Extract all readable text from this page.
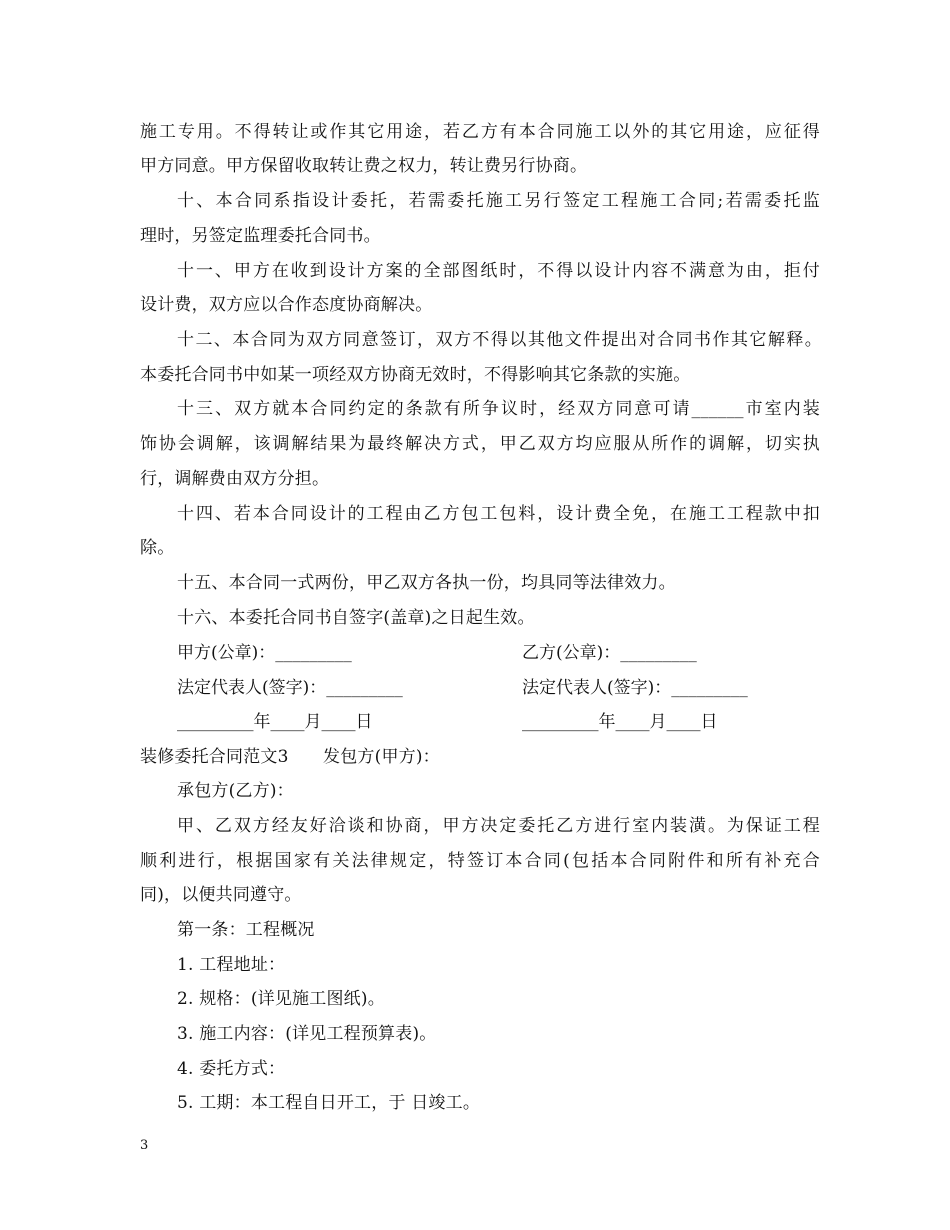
施工专用。不得转让或作其它用途，若乙方有本合同施工以外的其它用途，应征得
甲方同意。甲方保留收取转让费之权力，转让费另行协商。
十、本合同系指设计委托，若需委托施工另行签定工程施工合同;若需委托监
理时，另签定监理委托合同书。
十一、甲方在收到设计方案的全部图纸时，不得以设计内容不满意为由，拒付
设计费，双方应以合作态度协商解决。
十二、本合同为双方同意签订，双方不得以其他文件提出对合同书作其它解释。
本委托合同书中如某一项经双方协商无效时，不得影响其它条款的实施。
十三、双方就本合同约定的条款有所争议时，经双方同意可请______市室内装
饰协会调解，该调解结果为最终解决方式，甲乙双方均应服从所作的调解，切实执
行，调解费由双方分担。
十四、若本合同设计的工程由乙方包工包料，设计费全免，在施工工程款中扣
除。
十五、本合同一式两份，甲乙双方各执一份，均具同等法律效力。
十六、本委托合同书自签字(盖章)之日起生效。
甲方(公章)：_________	乙方(公章)：_________
法定代表人(签字)：_________	法定代表人(签字)：_________
_________年____月____日	_________年____月____日
装修委托合同范文3　　发包方(甲方)：
承包方(乙方)：
甲、乙双方经友好洽谈和协商，甲方决定委托乙方进行室内装潢。为保证工程
顺利进行，根据国家有关法律规定，特签订本合同(包括本合同附件和所有补充合
同)，以便共同遵守。
第一条：工程概况
1. 工程地址：
2. 规格：(详见施工图纸)。
3. 施工内容：(详见工程预算表)。
4. 委托方式：
5. 工期：本工程自日开工，于 日竣工。
3
